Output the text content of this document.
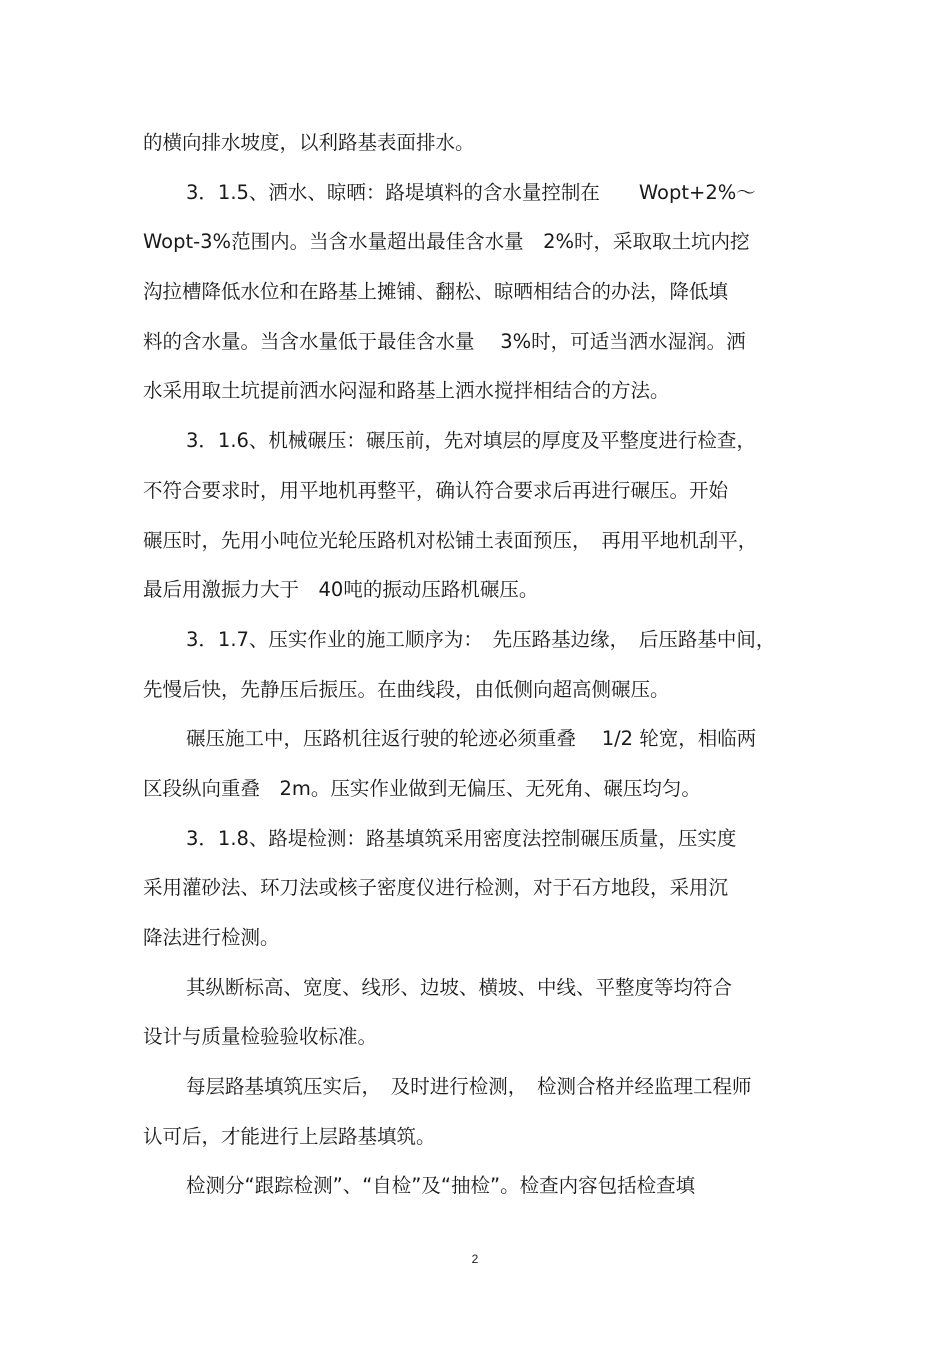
的横向排水坡度，以利路基表面排水。
3．1.5、洒水、晾晒：路堤填料的含水量控制在　　Wopt+2%～
Wopt-3%范围内。当含水量超出最佳含水量　2%时，采取取土坑内挖
沟拉槽降低水位和在路基上摊铺、翻松、晾晒相结合的办法，降低填
料的含水量。当含水量低于最佳含水量　 3%时，可适当洒水湿润。洒
水采用取土坑提前洒水闷湿和路基上洒水搅拌相结合的方法。
3．1.6、机械碾压：碾压前，先对填层的厚度及平整度进行检查，
不符合要求时，用平地机再整平，确认符合要求后再进行碾压。开始
碾压时，先用小吨位光轮压路机对松铺土表面预压，　再用平地机刮平，
最后用激振力大于　40吨的振动压路机碾压。
3．1.7、压实作业的施工顺序为：　先压路基边缘，　后压路基中间，
先慢后快，先静压后振压。在曲线段，由低侧向超高侧碾压。
碾压施工中，压路机往返行驶的轮迹必须重叠　 1/2 轮宽，相临两
区段纵向重叠　2m。压实作业做到无偏压、无死角、碾压均匀。
3．1.8、路堤检测：路基填筑采用密度法控制碾压质量，压实度
采用灌砂法、环刀法或核子密度仪进行检测，对于石方地段，采用沉
降法进行检测。
其纵断标高、宽度、线形、边坡、横坡、中线、平整度等均符合
设计与质量检验验收标准。
每层路基填筑压实后，　及时进行检测，　检测合格并经监理工程师
认可后，才能进行上层路基填筑。
检测分“跟踪检测”、“自检”及“抽检”。检查内容包括检查填
2
